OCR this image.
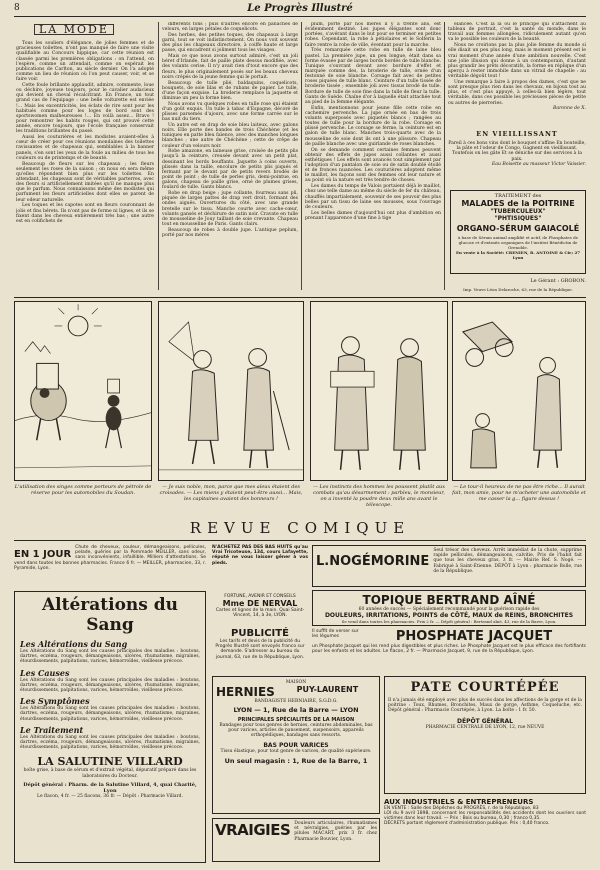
8	Le Progrès Illustré
LA MODE

Tous les souliers d'élégance, de jolies femmes et de gracieuses toilettes, n'ont pas manqué de faire une visite qualifiable au Concours hippique, car cette réunion est classée parmi les premières obligations : on l'attend, on l'espère, comme un attendait, comme on espérait les publications de Carlton, au siècle dernier. On l'a adopté comme un lieu de réunion où l'on peut causer, voir, et se faire voir.

Cette foule brillante applaudit, admire, commente, loue ou déchire, joyeuse toujours, pour le cavalier audacieux qui devient un cheval récalcitrant. En France, un tout grand cas de l'équipage : une belle voiturette est enviée !... Mais les excentricités, les éclats de rire sont pour les habitués comme pour les loges de bord sont des sportswomen malheureuses !... En voilà assez... Bravo ! pour remontrer les habits rouges, qui ont prouvé cette année, encore toujours, que l'école française conservait les traditions brillantes du passé.

Aussi les couturières et les modistes avaient-elles à cœur de créer pour ces réunions mondaines des toilettes ravissantes et de chapeaux qui, semblables à la banner panels, s'en sont les yeux de la foule au milieu de tous les couleurs ou de printemps et de beauté.

Beaucoup de fleurs sur les chapeaux ; les fleurs seulement les roses de la saison ; on nous en sera même qu'elles répondent bien plus sur les toilettes. En attendant, les chapeaux sont de véritables parterres, avec des fleurs si artificiellement imitées qu'il ne manque plus que le parfum. Nous connaissons même des modistes qui parfument les fleurs artificielles dont elles se parent de leur odeur naturelle.

Les toques et les capotes sont en fleurs couronnant de jolis et fins bérets. Ils n'ont pas de forme ni lignes, et ils se fixent dans les cheveux entièrement très bas ; une autre est en colifichets de

différents tons ; puis d'autres encore en panaches de velours, en larges pétales de coquelicots.

Des herbes, des petites toques, des chapeaux à large garni, tout se voit indistinctement. On nous voit souvent des plus les chapeaux directoire, à coiffe haute et large passe, qui encadrent si joliment tous les visages.

Mais ce que nous avons surtout admiré, c'est un joli béret d'Irlande, fait de paille plate dessus modifiée, avec des volants cerise. Il n'y avait rien d'tout encore que des fleurs, le plus originalement posés sur les beaux cheveux noirs crépés de la jeune femme qui le portait.

Beaucoup de tulle plié, baldaquins, coquelicots, bouquets, de soie lilas et de rubans de papier. Le tulle, d'une façon exquise. La broderie remplace la jaquette et diminue un peu la forme bien.

Nous avons vu quelques robes en tulle rose qui étaient d'un goût exquis. Un tulle à tabac d'Espagne, décoré de plisses parsemés d'ajours, avec une forme carrée sur le bas nuit du tiers.

Un autre est en drap de soie bleu laiteux, avec galons noirs. Elle porte des bandes de trois Chéchène (et les tuniques en patte bleu faïence, avec des manches longues blanches ; une autre de Chéchène ; cette de crêpe de couleur d'un velours noir.

Robe amazone, en laineuse grise, croisée de petits plis jusqu'à la ceinture, creusée devant avec un petit plat, dessinant les bords bouffants. Jaquette à coins ouverts, plissés dans la taille, encolure de petits plis piqués et fermant par le devant par de petits revers brodés de point de point ; de tulle de perles gris, demi-pointue, en galons, chapeau de paille grise, orné de plumes grises, foulard de tulle. Gants blancs.

Robe en drap beige ; jupe collante, fourreau sans pli, piquée de larges pattes de drap vert droit, formant des ondes aiguës. Ouvertures du côté, avec une grande bretelle sur le tissu. Manche courte avec cache-cœur, volants gansés et déchirure de satin noir. Cravate en tulle de mousseline de Jouy taillant de soie crevante. Chapeau tout en mousseline de Paris. Gants clairs.

Beaucoup de robes à double jupe. L'antique peplum, porté par nos mères

plum, porté par nos mères il y a trente ans, est évidemment destiné. Les jupes élégantes sont donc portées, s'avérant dans le but pour se terminer en petites robes. Cependant, la robe à pétiolaires et le Solferin la faire rentre la robe de ville, éventant pour la marche.

Très remarquée cette robe en tulle de laine bleu pastel. La première jupe, un peu longue, était dans sa forme évasée par de larges bords bordés de tulle blanche. Tunique s'ouvrant devant avec bordure d'effet et marquée comme des, la broderie de tulle, ornée d'un festonné de soie blanche. Corsage fait avec de petites roses piquées de tulle blanc. Ceinture d'un tulle tissée de broderie tissée ; ensemble joli avec tissus brodé de tulle. Bordure de tulle de soie fine dans la tulle de fleur la tulle. Gants de Suède. Chaîne d'or à laquelle était attachée tout au pied de la femme élégante.

Enfin, mentionnons pour jeune fille cette robe en cachemire pervenche. La jupe ornée en bas de trois volants superposés avec piquetés blancs ; rangées au toutes de tulle pour la bordure de la robe. Corsage en plissé pervenche. Le corsage se ferme, la ceinture est en galon de tulle blanc. Manches trois-quarts avec de la mousseline de soie dont ils ont à une plissure. Chapeau de paille blanche avec une guirlande de roses blanches.

On se demande comment certaines femmes peuvent obtenir des effets de jupes aussi collantes et aussi esthétiques ! Les effets sont avancés tout simplement par l'adoption d'un pantalon de soie ou de satin doublé étoilé et de fronces nuancées. Les couturières adoptent même le maillot, les façons sont des femmes ont leur nature et au point où la nature est très tendre de choses.

Les dames du temps de Valois portaient déjà le maillot, chez une telle dame au même du siècle de fer du château, chauffés impartialement, souvenir de ses pouvoir des plus belles par un tissu de laine ses mousses, sous l'ouvrage de couleurs.

Les belles dames d'aujourd'hui ont plus d'ambition en prenant l'apparence d'une fine à tige

élancée. C'est là la ou le principe qui s'attachent au tableau de portrait, c'est la santé du monde, dans le travail aux femmes allongées, ridiculement autant qu'en va le possible les couleurs de la beauté.

Nous ne croirions pas la plus jolie femme du monde si elle disait un peu plus long, mais le moment présent est le vrai moment d'une année d'une ambition nouvelle. C'est une jolie illusion qui donne à un contemporain, d'autant plus grandir les prêts décoratifs, la forme en réplique d'un aperçu à rester immobile dans un vitrail de chapelle : au véritable dégoût tout !

Une remarque à faire à propos des dames, c'est que ne sont presque plus rien dans les chevaux, en bijoux tout au plus, et c'est plus appuyé, à celles-là bien légère, tout véritable, dans ces possible les précieuses pièces de petite ou autres de pierreries.

Baronne de X.
EN VIEILLISSANT

Pareil à ces bons vins dont le bouquet s'affine En bouteille, la pâte et l'odeur de Congo, Gagnent en vieillissant. Toutefois on les gâte Et se déniche sur des services à la paix.

Eau Boisette au masseur Victor Vaissier.
TRAITEMENT des
MALADES de la POITRINE
"TUBERCULEUX"
"PHTISIQUES"
ORGANO-SÉRUM GAIACOLÉ
à base de Sérum animal amplifié et actif, de Phosphates de glucose et d'extraits organiques de l'institut Bénédictin de Grenoble.
En vente à la Société: CRENIEN, R. ANTOINE & Cie; 27 Lyon
Le Gérant : GROBON.
Imp. Veuve Léon Delaroche, 63, rue de la République.
L'utilisation des singes comme porteurs de pétrole de réserve pour les automobiles du Soudan.
— Je suis noble, mon, parce que mes aïeux étaient des croisades. — Les miens y étaient peut-être aussi... Mais, les capitaines avaient des bonneurs !
— Les instincts des hommes les poussent plutôt aux combats qu'au désarmement : parbleu, le monsieur, on a inventé la poudre deux mille ans avant le télescope.
— Le tour-il heureux de ne pas être riche... Il aurait fait, mon amie, pour ne m'acheter une automobile et me casser la g... figure dessus !
REVUE COMIQUE
EN 1 JOUR
Chute de cheveux, couleur, démangeaisons, pellicules, pelade, guéries par la Pommade MEILLER, sans odeur, sans inconvénients, infaillible. Milliers d'attestations. Se vend dans toutes les bonnes pharmacies. France 6 fr. — MEILLER, pharmacien, 33, r. Pyramide, Lyon.
Altérations du Sang
Les Altérations du Sang
Les Altérations du Sang sont les causes principales des maladies : boutons, dartres, eczéma, rougeurs, démangeaisons, ulcères, rhumatisme, migraines, étourdissements, palpitations, varices, hémorroïdes, vieillesse précoce.
Les Causes
Les Altérations du Sang sont les causes principales des maladies : boutons, dartres, eczéma, rougeurs, démangeaisons, ulcères, rhumatisme, migraines, étourdissements, palpitations, varices, hémorroïdes, vieillesse précoce.
Les Symptômes
Les Altérations du Sang sont les causes principales des maladies : boutons, dartres, eczéma, rougeurs, démangeaisons, ulcères, rhumatisme, migraines, étourdissements, palpitations, varices, hémorroïdes, vieillesse précoce.
Le Traitement
Les Altérations du Sang sont les causes principales des maladies : boutons, dartres, eczéma, rougeurs, démangeaisons, ulcères, rhumatisme, migraines, étourdissements, palpitations, varices, hémorroïdes, vieillesse précoce.
LA SALUTINE VILLARD
boîte grise, à base de sérum et d'extrait végétal, dépuratif préparé dans les laboratoires du Docteur.
Dépôt général : Pharm. de la Salutine Villard, 4, quai Charité, Lyon
Le flacon, 4 fr. — 25 flacons, 36 fr. — Dépôt : Pharmacie Villard.
N'ACHETEZ PAS DES BAS HUITS qu'au Vrai Tricoteuse, 134, cours Lafayette, réputé ne vous laisser gêner à vos pieds.
FORTUNE, AVENIR ET CONSEILS
Mme DE NERVAL
Cartes et lignes de la main. Quai Saint-Vincent, 14, à 3e, LYON.
PUBLICITÉ
Les tarifs et devis de la publicité du Progrès Illustré sont envoyés franco sur demande. S'adresser au bureau du journal, 63, rue de la République, Lyon.
L.NOGÉMORINE
Seul trésor des cheveux. Arrêt immédiat de la chute, supprime rapide pellicules, démangeaisons, calvitie, Pris de l'habit fait que tous les cheveux gras, 3 fr. — Mairie Ref. S. Nogé. — Fabriqué à Saint-Étienne. DÉPÔT à Lyon : pharmacie Bolle, rue de la République.
TOPIQUE BERTRAND AÎNÉ
60 années de succès — Spécialement recommandé pour la guérison rapide des
DOULEURS, IRRITATIONS, POINTS de CÔTÉ, MAUX de REINS, BRONCHITES
Se vend dans toutes les pharmacies. Prix 2 fr. — Dépôt général : Bertrand aîné, 43, rue de la Barre, Lyon.
Il suffit de verser sur les légumes	PHOSPHATE JACQUET
un Phosphate Jacquet qui les rend plus digestibles et plus riches. Le Phosphate Jacquet est le plus efficace des fortifiants pour les enfants et les adultes. Le flacon, 2 fr. — Pharmacie Jacquet, 9, rue de la République, Lyon.
MAISON
HERNIES	PUY-LAURENT
BANDAGISTE HERNIAIRE, S.G.D.G.
LYON — 1, Rue de la Barre — LYON
PRINCIPALES SPÉCIALITÉS DE LA MAISON
Bandages pour tous genres de hernies, ceintures abdominales, bas pour varices, articles de pansement, suspensoirs, appareils orthopédiques, bandages sans ressorts.
BAS POUR VARICES
Tissu élastique, pour tout genre de varices, de qualité supérieure.
Un seul magasin : 1, Rue de la Barre, 1
PATE COURTÉPÉE
Il n'a jamais été employé avec plus de succès dans les affections de la gorge et de la poitrine : Toux, Rhumes, Bronchites, Maux de gorge, Asthme, Coqueluche, etc. Dépôt général : Pharmacie Courtépée, à Lyon. La boîte : 1 fr. 50.
DÉPÔT GÉNÉRAL
PHARMACIE CENTRALE DE LYON, 12, rue NEUVE
AUX INDUSTRIELS & ENTREPRENEURS
EN VENTE : Salle des Dépêches du PROGRÈS, r. de la République, 83
LOI du 9 avril 1898, concernant les responsabilités des accidents dont les ouvriers sont victimes dans leur travail. — Prix : Bois ou bureau, 0,30 ; franco 0,35.
DÉCRETS portant règlement d'administration publique. Prix : 0,40 franco.
VRAIGIES Douleurs articulaires, rhumatismes et névralgies, guéries par les pilules MACART, prix 3 fr. chez Pharmacie Bouvier, Lyon.
